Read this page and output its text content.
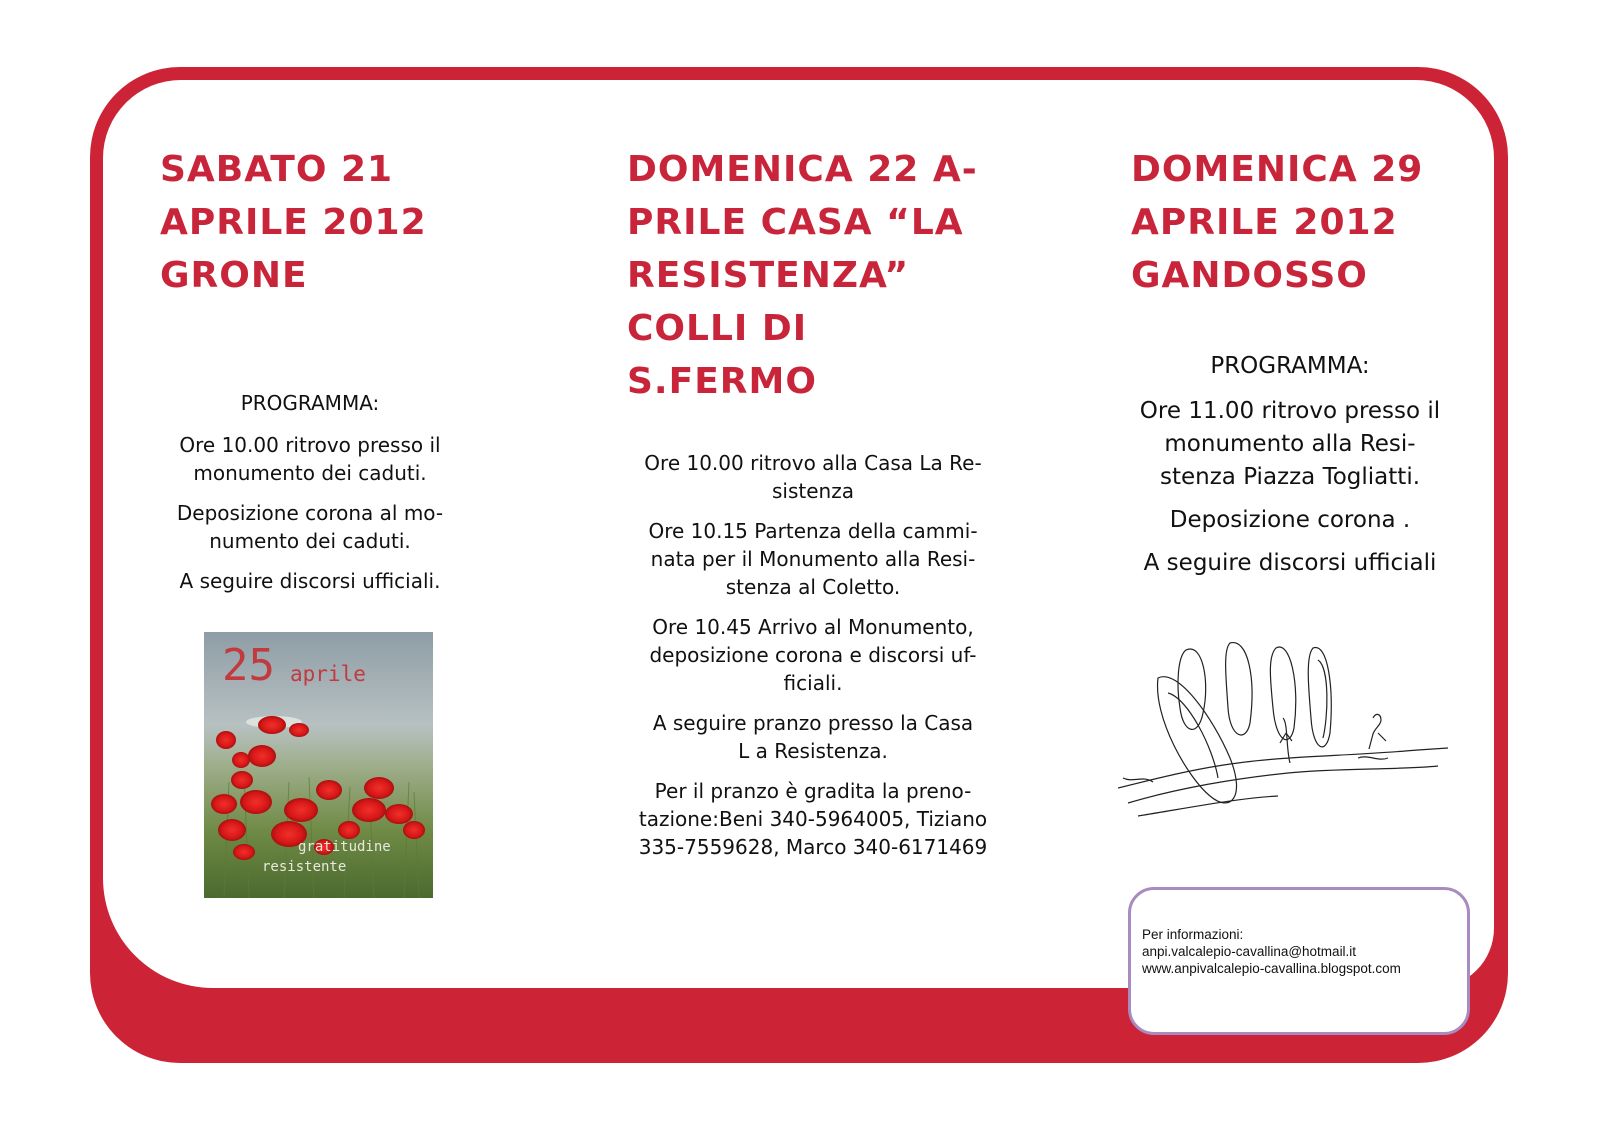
SABATO 21
APRILE 2012
GRONE

PROGRAMMA:

Ore 10.00 ritrovo presso il
monumento dei caduti.

Deposizione corona al mo-
numento dei caduti.

A seguire discorsi ufficiali.

25 aprile
gratitudine
resistente
DOMENICA 22 A-
PRILE CASA “LA
RESISTENZA”
COLLI DI
S.FERMO

Ore 10.00 ritrovo alla Casa La Re-
sistenza

Ore 10.15 Partenza della cammi-
nata per il Monumento alla Resi-
stenza al Coletto.

Ore 10.45 Arrivo al Monumento,
deposizione corona e discorsi uf-
ficiali.

A seguire pranzo presso la Casa
L a Resistenza.

Per il pranzo è gradita la preno-
tazione:Beni 340-5964005, Tiziano
335-7559628, Marco 340-6171469

DOMENICA 29
APRILE 2012
GANDOSSO

PROGRAMMA:

Ore 11.00 ritrovo presso il
monumento alla Resi-
stenza Piazza Togliatti.

Deposizione corona .

A seguire discorsi ufficiali

Per informazioni:
anpi.valcalepio-cavallina@hotmail.it
www.anpivalcalepio-cavallina.blogspot.com
